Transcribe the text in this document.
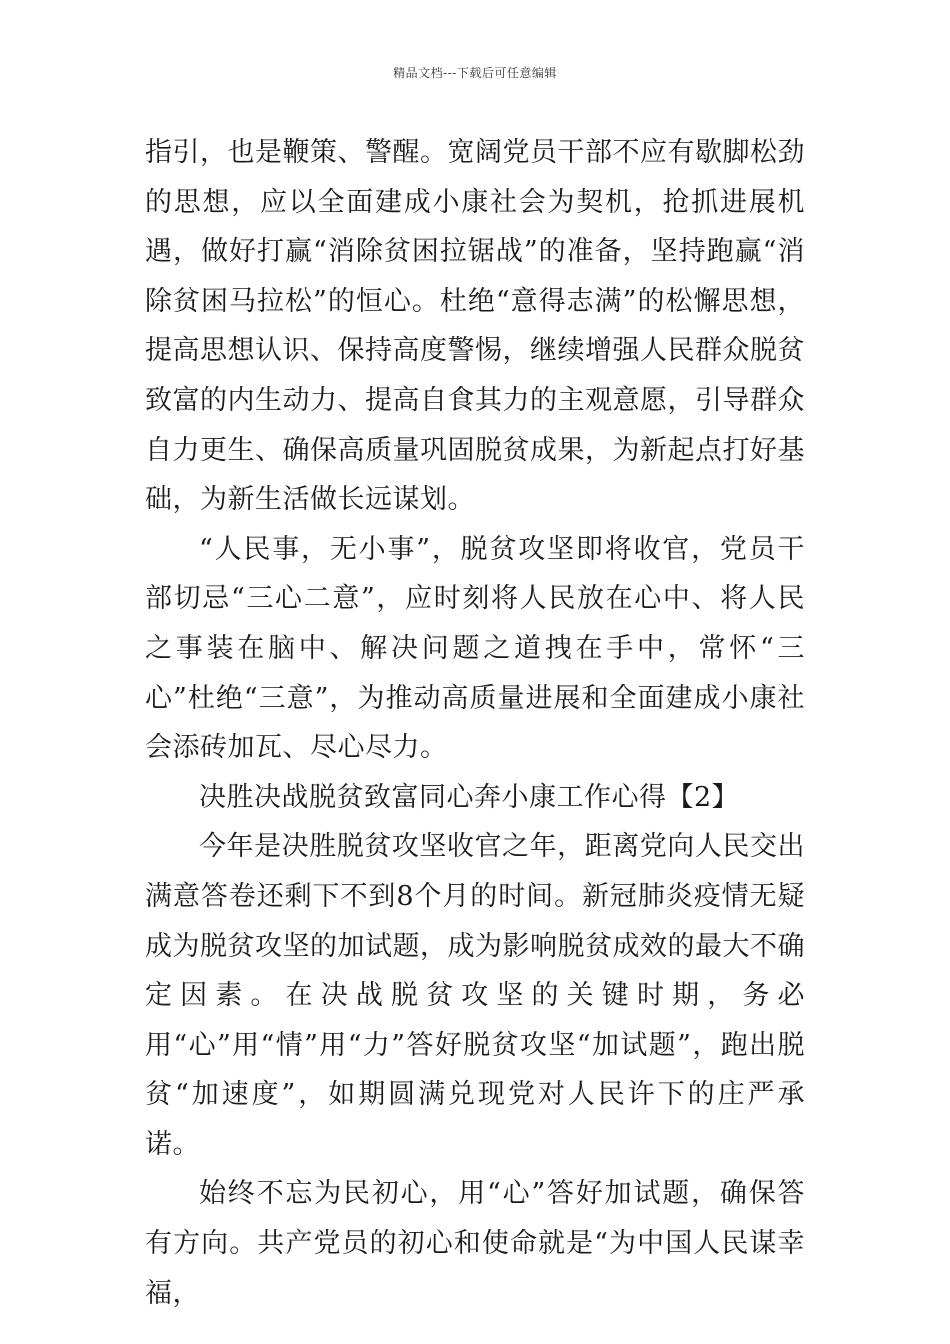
精品文档---下载后可任意编辑

指引，也是鞭策、警醒。宽阔党员干部不应有歇脚松劲的思想，应以全面建成小康社会为契机，抢抓进展机遇，做好打赢“消除贫困拉锯战”的准备，坚持跑赢“消除贫困马拉松”的恒心。杜绝“意得志满”的松懈思想，提高思想认识、保持高度警惕，继续增强人民群众脱贫致富的内生动力、提高自食其力的主观意愿，引导群众自力更生、确保高质量巩固脱贫成果，为新起点打好基础，为新生活做长远谋划。

“人民事，无小事”，脱贫攻坚即将收官，党员干部切忌“三心二意”，应时刻将人民放在心中、将人民之事装在脑中、解决问题之道拽在手中，常怀“三心”杜绝“三意”，为推动高质量进展和全面建成小康社会添砖加瓦、尽心尽力。

决胜决战脱贫致富同心奔小康工作心得【2】

今年是决胜脱贫攻坚收官之年，距离党向人民交出满意答卷还剩下不到8个月的时间。新冠肺炎疫情无疑成为脱贫攻坚的加试题，成为影响脱贫成效的最大不确定因素。在决战脱贫攻坚的关键时期，务必用“心”用“情”用“力”答好脱贫攻坚“加试题”，跑出脱贫“加速度”，如期圆满兑现党对人民许下的庄严承诺。

始终不忘为民初心，用“心”答好加试题，确保答有方向。共产党员的初心和使命就是“为中国人民谋幸福，
